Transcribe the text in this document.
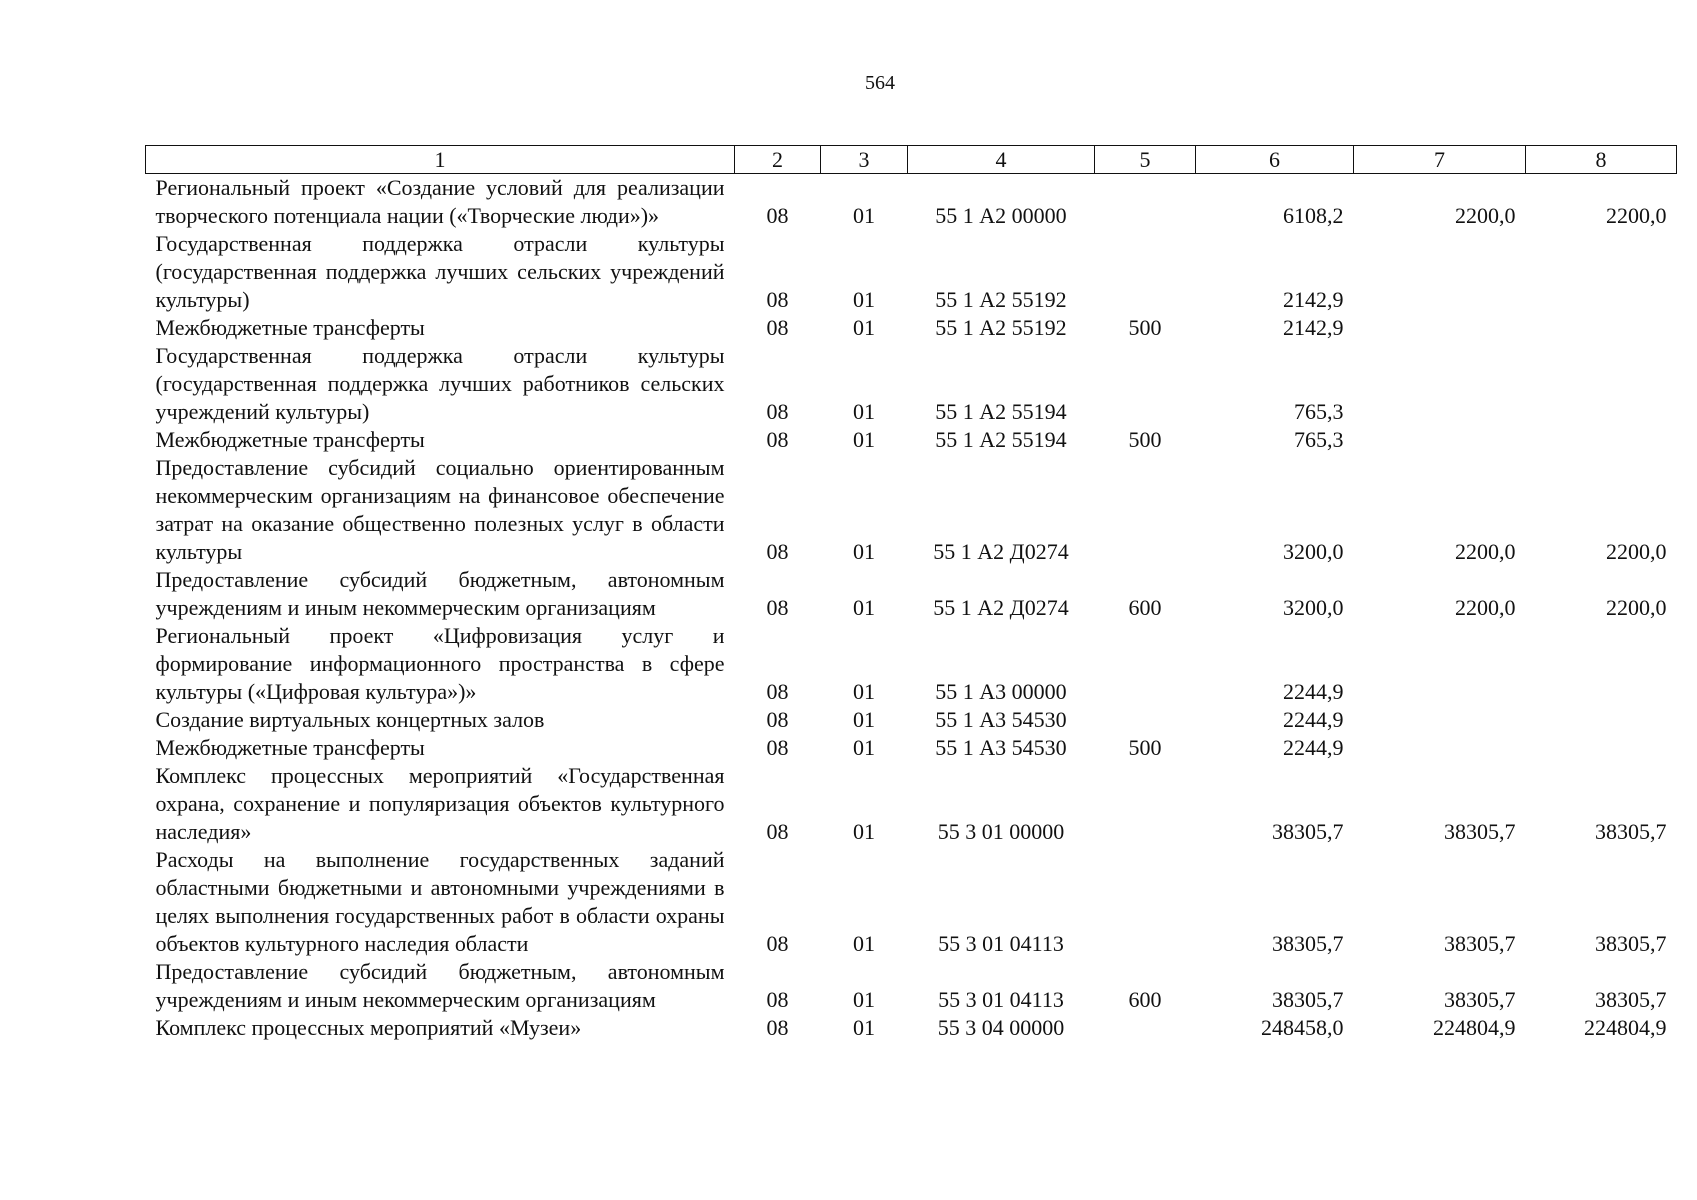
564
1	2	3	4	5	6	7	8
Региональный проект «Создание условий для реализации творческого потенциала нации («Творческие люди»)»	08	01	55 1 А2 00000		6108,2	2200,0	2200,0
Государственная поддержка отрасли культуры (государственная поддержка лучших сельских учреждений культуры)	08	01	55 1 А2 55192		2142,9		
Межбюджетные трансферты	08	01	55 1 А2 55192	500	2142,9		
Государственная поддержка отрасли культуры (государственная поддержка лучших работников сельских учреждений культуры)	08	01	55 1 А2 55194		765,3		
Межбюджетные трансферты	08	01	55 1 А2 55194	500	765,3		
Предоставление субсидий социально ориентированным некоммерческим организациям на финансовое обеспечение затрат на оказание общественно полезных услуг в области культуры	08	01	55 1 А2 Д0274		3200,0	2200,0	2200,0
Предоставление субсидий бюджетным, автономным учреждениям и иным некоммерческим организациям	08	01	55 1 А2 Д0274	600	3200,0	2200,0	2200,0
Региональный проект «Цифровизация услуг и формирование информационного пространства в сфере культуры («Цифровая культура»)»	08	01	55 1 А3 00000		2244,9		
Создание виртуальных концертных залов	08	01	55 1 А3 54530		2244,9		
Межбюджетные трансферты	08	01	55 1 А3 54530	500	2244,9		
Комплекс процессных мероприятий «Государственная охрана, сохранение и популяризация объектов культурного наследия»	08	01	55 3 01 00000		38305,7	38305,7	38305,7
Расходы на выполнение государственных заданий областными бюджетными и автономными учреждениями в целях выполнения государственных работ в области охраны объектов культурного наследия области	08	01	55 3 01 04113		38305,7	38305,7	38305,7
Предоставление субсидий бюджетным, автономным учреждениям и иным некоммерческим организациям	08	01	55 3 01 04113	600	38305,7	38305,7	38305,7
Комплекс процессных мероприятий «Музеи»	08	01	55 3 04 00000		248458,0	224804,9	224804,9
